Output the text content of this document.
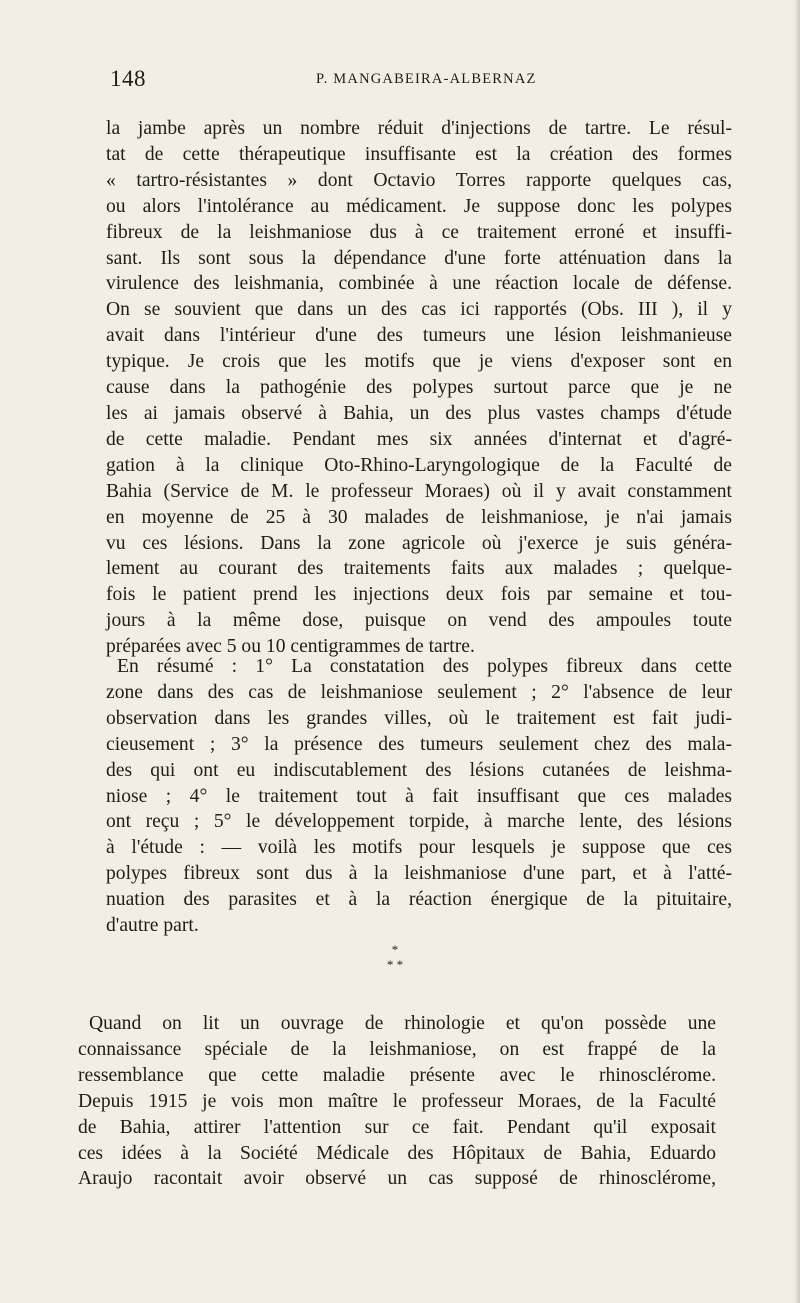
148	P. MANGABEIRA-ALBERNAZ

la jambe après un nombre réduit d'injections de tartre. Le résul-
tat de cette thérapeutique insuffisante est la création des formes
« tartro-résistantes » dont Octavio Torres rapporte quelques cas,
ou alors l'intolérance au médicament. Je suppose donc les polypes
fibreux de la leishmaniose dus à ce traitement erroné et insuffi-
sant. Ils sont sous la dépendance d'une forte atténuation dans la
virulence des leishmania, combinée à une réaction locale de défense.
On se souvient que dans un des cas ici rapportés (Obs. III ), il y
avait dans l'intérieur d'une des tumeurs une lésion leishmanieuse
typique. Je crois que les motifs que je viens d'exposer sont en
cause dans la pathogénie des polypes surtout parce que je ne
les ai jamais observé à Bahia, un des plus vastes champs d'étude
de cette maladie. Pendant mes six années d'internat et d'agré-
gation à la clinique Oto-Rhino-Laryngologique de la Faculté de
Bahia (Service de M. le professeur Moraes) où il y avait constamment
en moyenne de 25 à 30 malades de leishmaniose, je n'ai jamais
vu ces lésions. Dans la zone agricole où j'exerce je suis généra-
lement au courant des traitements faits aux malades ; quelque-
fois le patient prend les injections deux fois par semaine et tou-
jours à la même dose, puisque on vend des ampoules toute
préparées avec 5 ou 10 centigrammes de tartre.

En résumé : 1° La constatation des polypes fibreux dans cette
zone dans des cas de leishmaniose seulement ; 2° l'absence de leur
observation dans les grandes villes, où le traitement est fait judi-
cieusement ; 3° la présence des tumeurs seulement chez des mala-
des qui ont eu indiscutablement des lésions cutanées de leishma-
niose ; 4° le traitement tout à fait insuffisant que ces malades
ont reçu ; 5° le développement torpide, à marche lente, des lésions
à l'étude : — voilà les motifs pour lesquels je suppose que ces
polypes fibreux sont dus à la leishmaniose d'une part, et à l'atté-
nuation des parasites et à la réaction énergique de la pituitaire,
d'autre part.

*
* *

Quand on lit un ouvrage de rhinologie et qu'on possède une
connaissance spéciale de la leishmaniose, on est frappé de la
ressemblance que cette maladie présente avec le rhinosclérome.
Depuis 1915 je vois mon maître le professeur Moraes, de la Faculté
de Bahia, attirer l'attention sur ce fait. Pendant qu'il exposait
ces idées à la Société Médicale des Hôpitaux de Bahia, Eduardo
Araujo racontait avoir observé un cas supposé de rhinosclérome,
